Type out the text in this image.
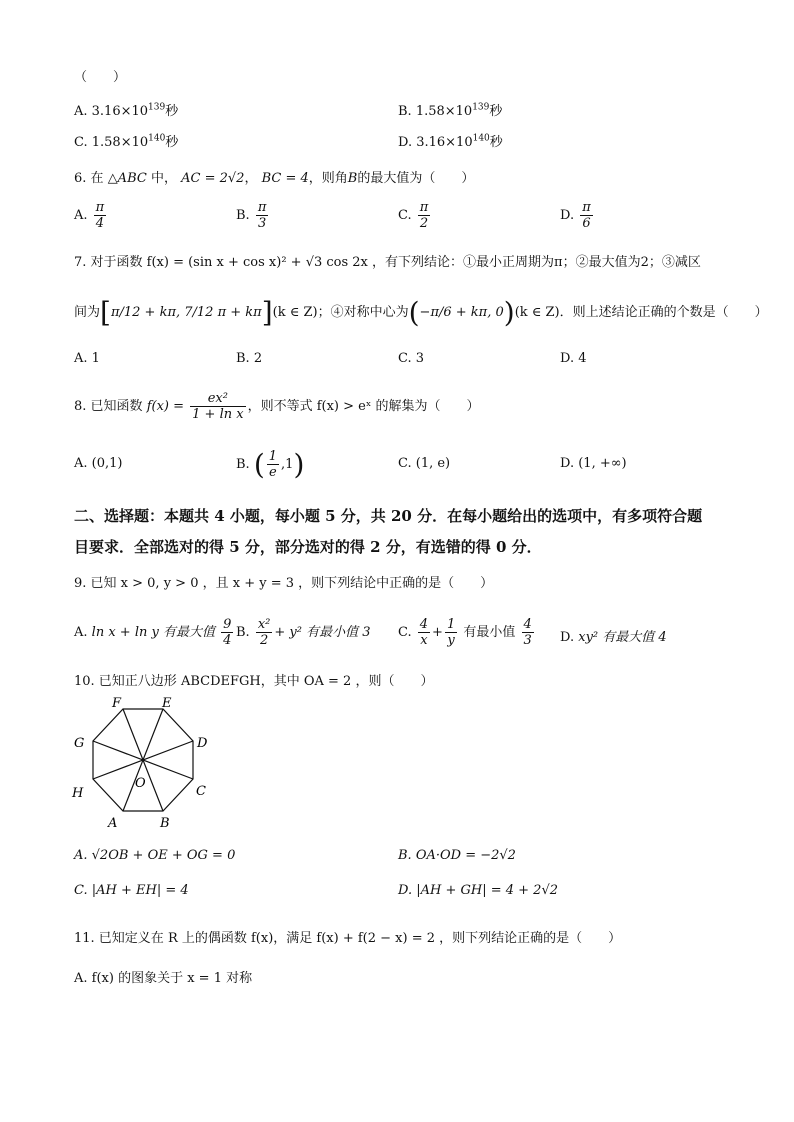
（　　）
A. $3.16\times 10^{139}$秒	B. $1.58\times 10^{139}$秒
C. $1.58\times 10^{140}$秒	D. $3.16\times 10^{140}$秒
6. 在 △ABC 中， AC = 2√2， BC = 4，则角B的最大值为（　　）
A. $\frac{\pi}{4}$	B. $\frac{\pi}{3}$	C. $\frac{\pi}{2}$	D. $\frac{\pi}{6}$
7. 对于函数 f(x) = (sin x + cos x)² + √3 cos 2x ，有下列结论：①最小正周期为π；②最大值为2；③减区
间为[π/12 + kπ, 7/12 π + kπ](k ∈ Z)；④对称中心为(−π/6 + kπ, 0)(k ∈ Z)．则上述结论正确的个数是（　　）
A. 1	B. 2	C. 3	D. 4
8. 已知函数 $f(x) = \frac{\text{ex²}}{\text{1 + ln x}}$ ，则不等式 f(x) > eˣ 的解集为（　　）
A. (0,1)	B. ( $\frac{1}{e} ,1$)	C. (1, e)	D. (1, +∞)
二、选择题：本题共 4 小题，每小题 5 分，共 20 分．在每小题给出的选项中，有多项符合题
目要求．全部选对的得 5 分，部分选对的得 2 分，有选错的得 0 分．
9. 已知 x > 0, y > 0 ，且 x + y = 3 ，则下列结论中正确的是（　　）
A. ln x + ln y 有最大值 $\frac{9}{4} B$. $\frac{\text{x²}}{2} + y^2$ 有最小值 3 C. $\frac{4}{x} + \frac{1}{y}$ 有最小值 $\frac{4}{3} D$. xy² 有最大值 4
10. 已知正八边形 ABCDEFGH，其中 OA = 2 ，则（　　）
F	E
G	D
H
O
C
A	B
A. √2OB + OE + OG = 0	B. OA·OD = −2√2
C. |AH + EH| = 4	D. |AH + GH| = 4 + 2√2
11. 已知定义在 R 上的偶函数 f(x)，满足 f(x) + f(2 − x) = 2 ，则下列结论正确的是（　　）
A. f(x) 的图象关于 x = 1 对称
